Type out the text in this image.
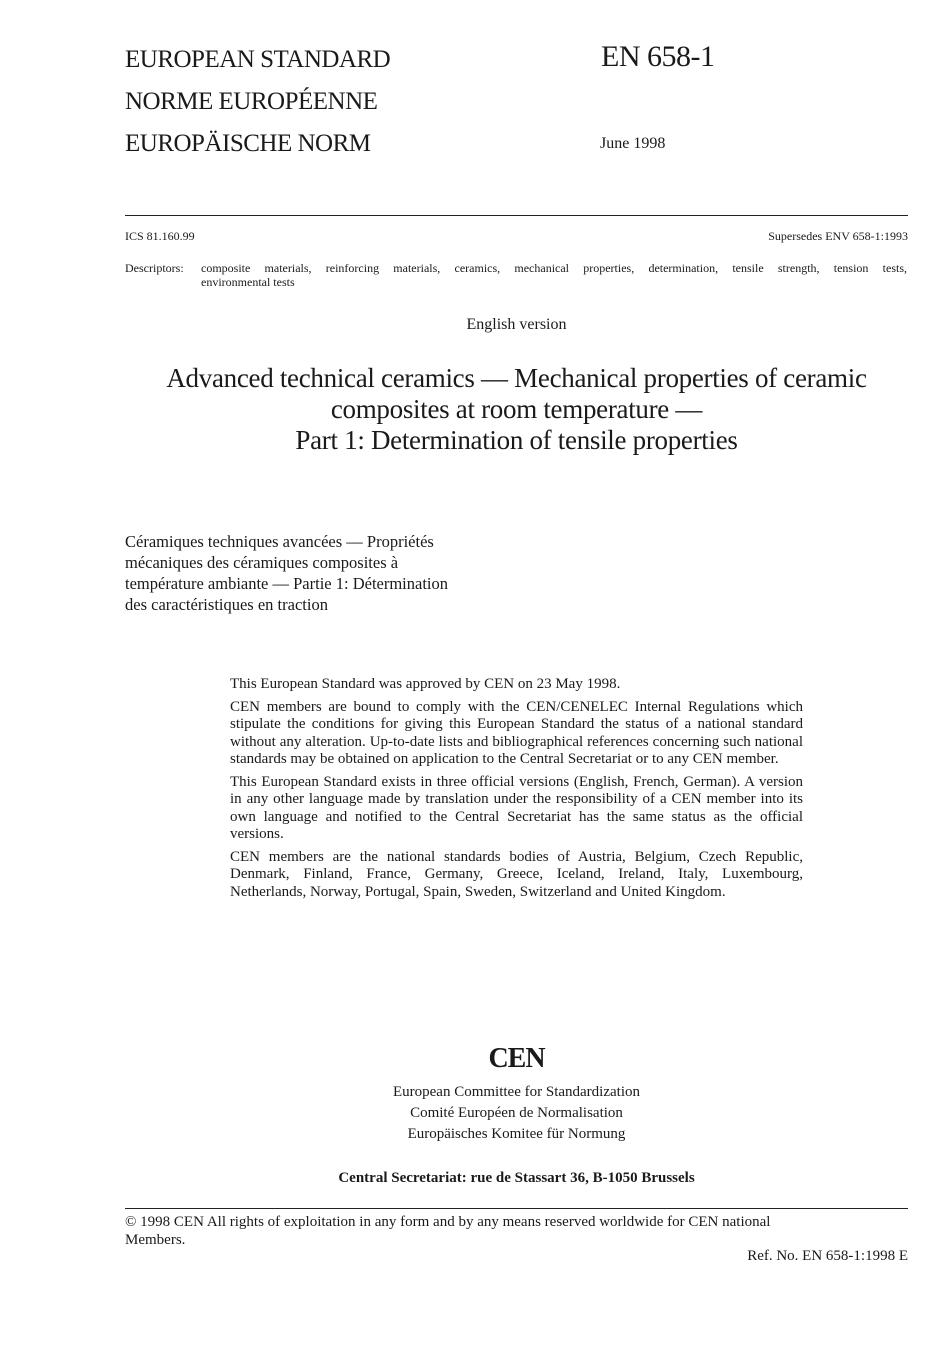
EUROPEAN STANDARD
NORME EUROPÉENNE
EUROPÄISCHE NORM
EN 658-1
June 1998
ICS 81.160.99	Supersedes ENV 658-1:1993
Descriptors: composite materials, reinforcing materials, ceramics, mechanical properties, determination, tensile strength, tension tests,
environmental tests
English version
Advanced technical ceramics — Mechanical properties of ceramic
composites at room temperature —
Part 1: Determination of tensile properties
Céramiques techniques avancées — Propriétés
mécaniques des céramiques composites à
température ambiante — Partie 1: Détermination
des caractéristiques en traction

This European Standard was approved by CEN on 23 May 1998.

CEN members are bound to comply with the CEN/CENELEC Internal Regulations which stipulate the conditions for giving this European Standard the status of a national standard without any alteration. Up-to-date lists and bibliographical references concerning such national standards may be obtained on application to the Central Secretariat or to any CEN member.

This European Standard exists in three official versions (English, French, German). A version in any other language made by translation under the responsibility of a CEN member into its own language and notified to the Central Secretariat has the same status as the official versions.

CEN members are the national standards bodies of Austria, Belgium, Czech Republic, Denmark, Finland, France, Germany, Greece, Iceland, Ireland, Italy, Luxembourg, Netherlands, Norway, Portugal, Spain, Sweden, Switzerland and United Kingdom.

CEN
European Committee for Standardization
Comité Européen de Normalisation
Europäisches Komitee für Normung
Central Secretariat: rue de Stassart 36, B-1050 Brussels
© 1998 CEN All rights of exploitation in any form and by any means reserved worldwide for CEN national
Members.
Ref. No. EN 658-1:1998 E
